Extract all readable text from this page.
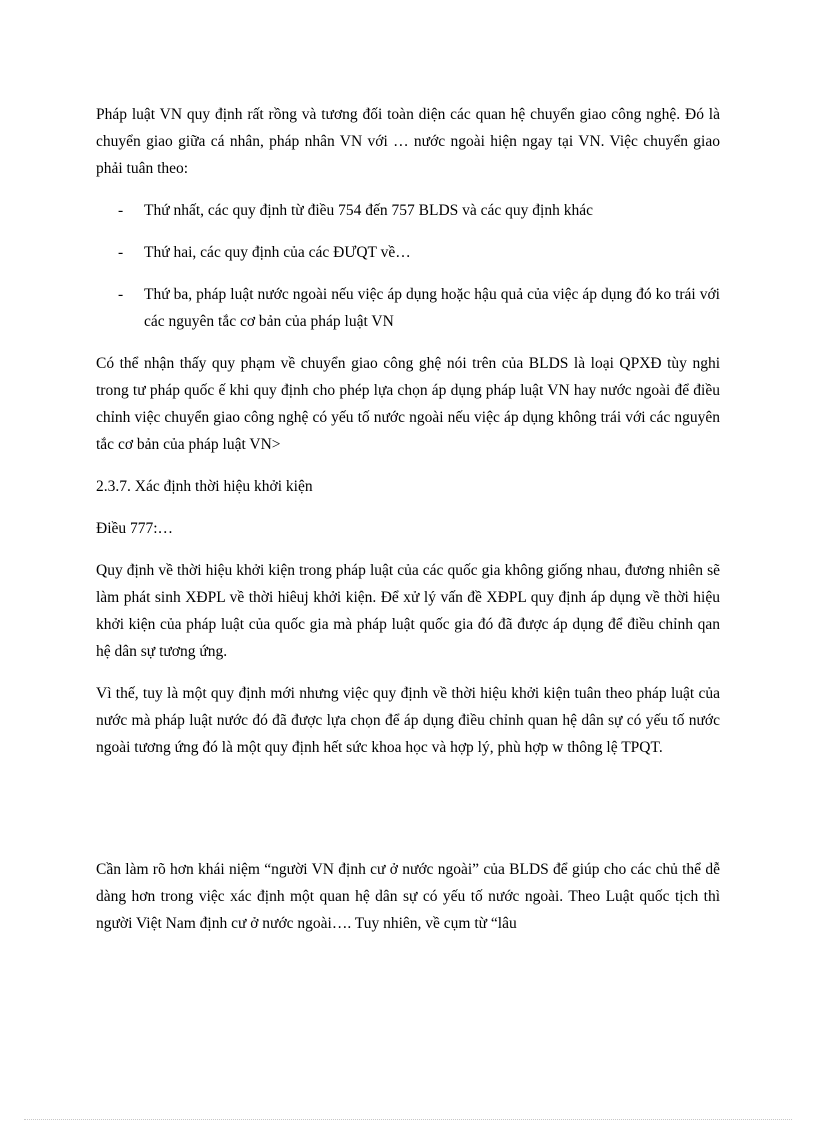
Pháp luật VN quy định rất rồng và tương đối toàn diện các quan hệ chuyển giao công nghệ. Đó là chuyển giao giữa cá nhân, pháp nhân VN với … nước ngoài hiện ngay tại VN. Việc chuyển giao phải tuân theo:

- Thứ nhất, các quy định từ điều 754 đến 757 BLDS và các quy định khác
- Thứ hai, các quy định của các ĐƯQT về…
- Thứ ba, pháp luật nước ngoài nếu việc áp dụng hoặc hậu quả của việc áp dụng đó ko trái với các nguyên tắc cơ bản của pháp luật VN

Có thể nhận thấy quy phạm về chuyển giao công ghệ nói trên của BLDS là loại QPXĐ tùy nghi trong tư pháp quốc ế khi quy định cho phép lựa chọn áp dụng pháp luật VN hay nước ngoài để điều chỉnh việc chuyển giao công nghệ có yếu tố nước ngoài nếu việc áp dụng không trái với các nguyên tắc cơ bản của pháp luật VN>

2.3.7. Xác định thời hiệu khởi kiện

Điều 777:…

Quy định về thời hiệu khởi kiện trong pháp luật của các quốc gia không giống nhau, đương nhiên sẽ làm phát sinh XĐPL về thời hiêuj khởi kiện. Để xử lý vấn đề XĐPL quy định áp dụng về thời hiệu khởi kiện của pháp luật của quốc gia mà pháp luật quốc gia đó đã được áp dụng để điều chỉnh qan hệ dân sự tương ứng.

Vì thế, tuy là một quy định mới nhưng việc quy định về thời hiệu khởi kiện tuân theo pháp luật của nước mà pháp luật nước đó đã được lựa chọn để áp dụng điều chỉnh quan hệ dân sự có yếu tố nước ngoài tương ứng đó là một quy định hết sức khoa học và hợp lý, phù hợp w thông lệ TPQT.

Cần làm rõ hơn khái niệm “người VN định cư ở nước ngoài” của BLDS để giúp cho các chủ thể dễ dàng hơn trong việc xác định một quan hệ dân sự có yếu tố nước ngoài. Theo Luật quốc tịch thì người Việt Nam định cư ở nước ngoài…. Tuy nhiên, về cụm từ “lâu
